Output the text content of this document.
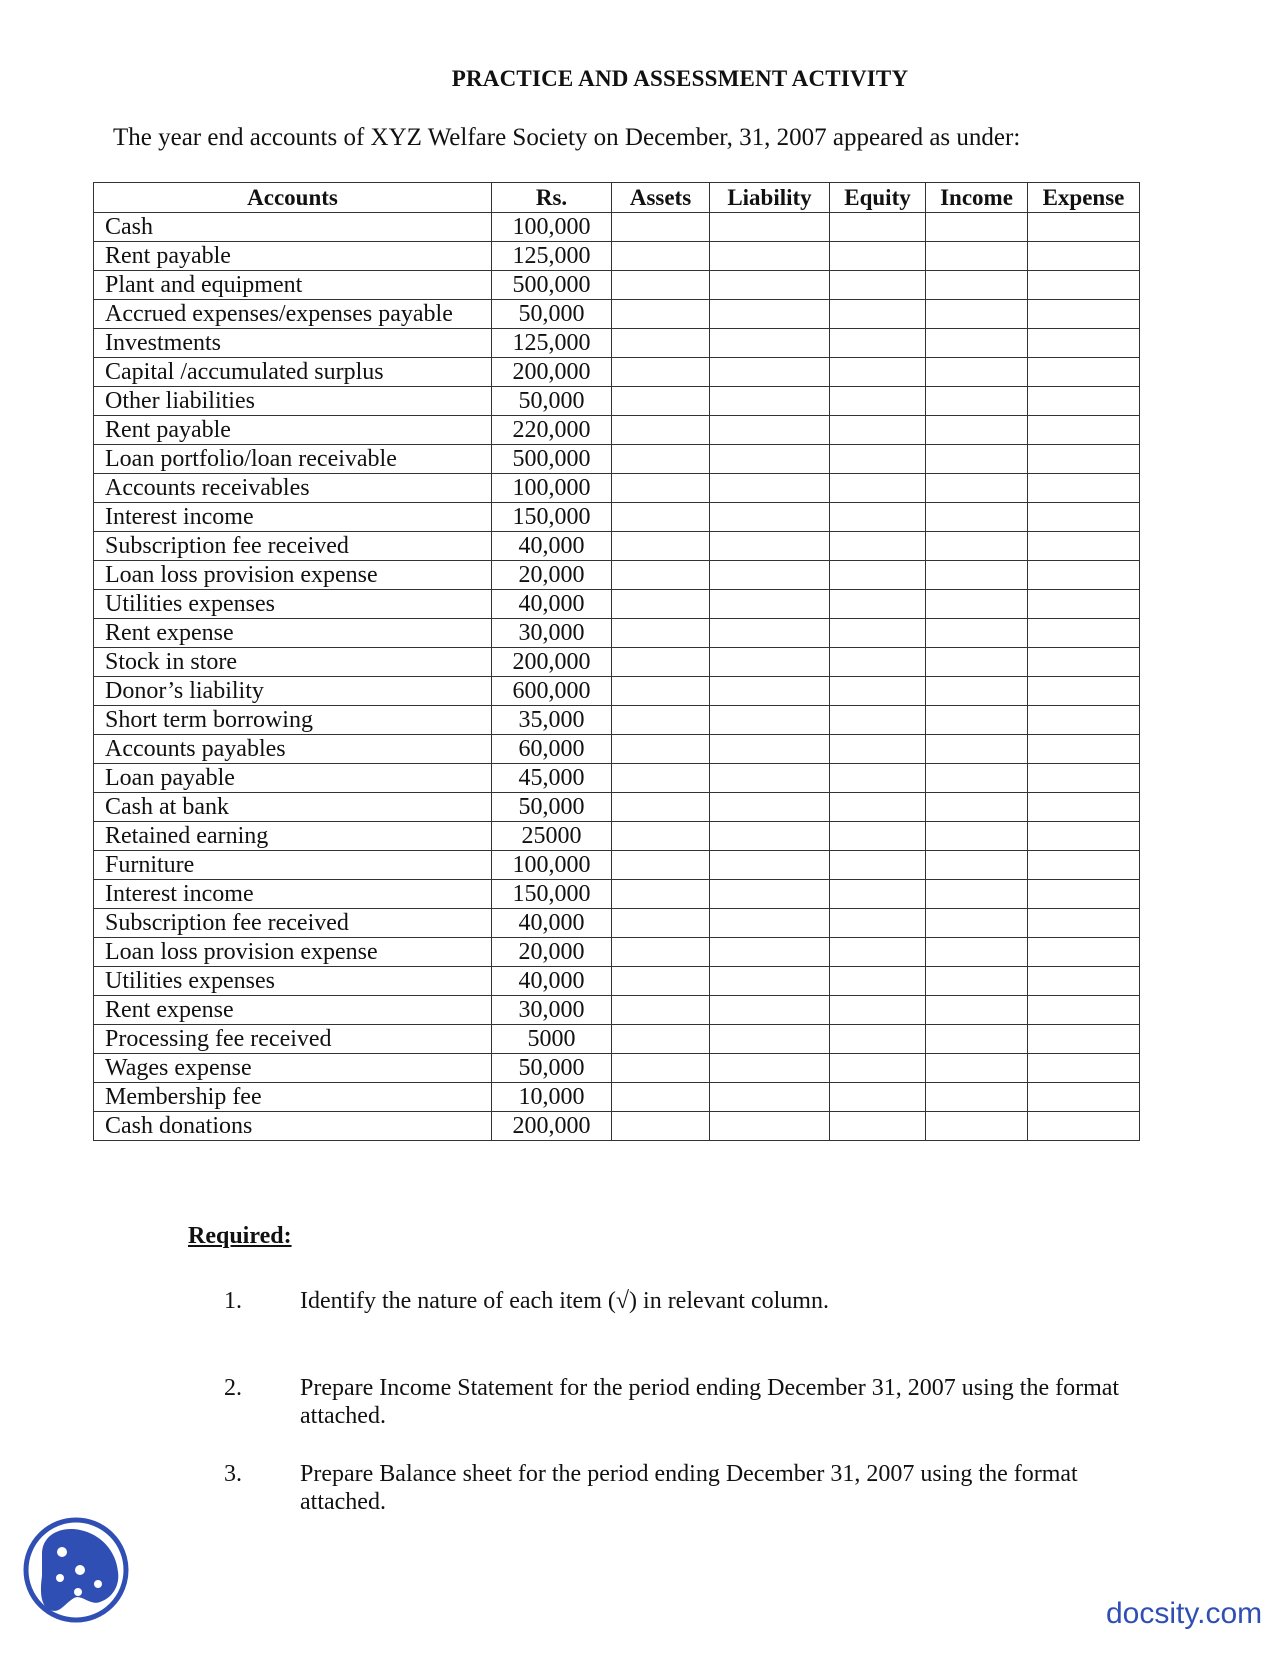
PRACTICE AND ASSESSMENT ACTIVITY
The year end accounts of XYZ Welfare Society on December, 31, 2007 appeared as under:
Accounts	Rs.	Assets	Liability	Equity	Income	Expense
Cash	100,000					
Rent payable	125,000					
Plant and equipment	500,000					
Accrued expenses/expenses payable	50,000					
Investments	125,000					
Capital /accumulated surplus	200,000					
Other liabilities	50,000					
Rent payable	220,000					
Loan portfolio/loan receivable	500,000					
Accounts receivables	100,000					
Interest income	150,000					
Subscription fee received	40,000					
Loan loss provision expense	20,000					
Utilities expenses	40,000					
Rent expense	30,000					
Stock in store	200,000					
Donor’s liability	600,000					
Short term borrowing	35,000					
Accounts payables	60,000					
Loan payable	45,000					
Cash at bank	50,000					
Retained earning	25000					
Furniture	100,000					
Interest income	150,000					
Subscription fee received	40,000					
Loan loss provision expense	20,000					
Utilities expenses	40,000					
Rent expense	30,000					
Processing fee received	5000					
Wages expense	50,000					
Membership fee	10,000					
Cash donations	200,000					
Required:
1. Identify the nature of each item (√) in relevant column.
2. Prepare Income Statement for the period ending December 31, 2007 using the format attached.
3. Prepare Balance sheet for the period ending December 31, 2007 using the format attached.
docsity.com
